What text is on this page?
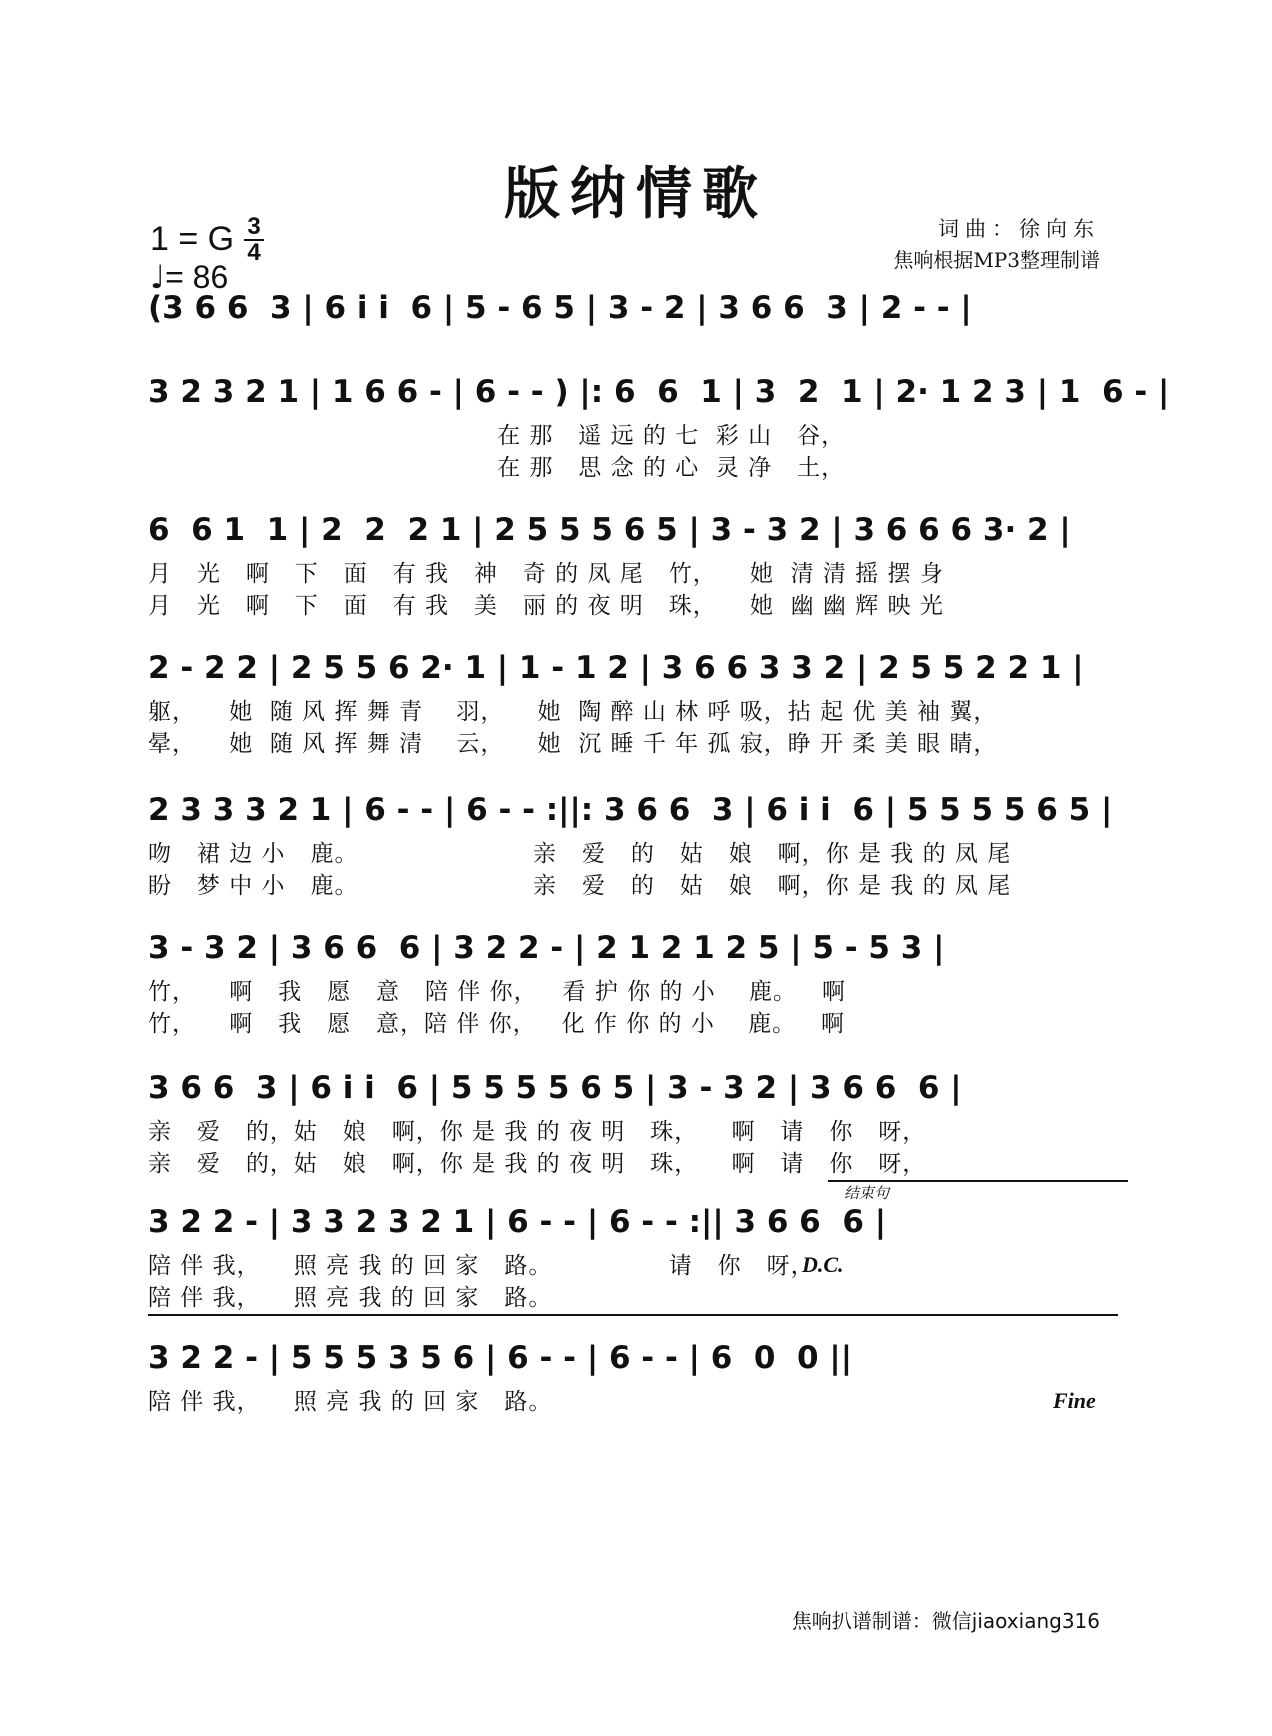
版纳情歌
1 = G 3
4
♩= 86
词曲：徐向东
焦响根据MP3整理制谱
(3 6 6  3 | 6 i i  6 | 5 - 6 5 | 3 - 2 | 3 6 6  3 | 2 - - |
3 2 3 2 1 | 1 6 6 - | 6 - - ) |: 6  6  1 | 3  2  1 | 2· 1 2 3 | 1  6 - |
在 那   遥 远 的 七  彩 山   谷，
在 那   思 念 的 心  灵 净   土，
6  6 1  1 | 2  2  2 1 | 2 5 5 5 6 5 | 3 - 3 2 | 3 6 6 6 3· 2 |
月   光   啊   下   面   有 我   神   奇 的 凤 尾   竹，    她  清 清 摇 摆 身
月   光   啊   下   面   有 我   美   丽 的 夜 明   珠，    她  幽 幽 辉 映 光
2 - 2 2 | 2 5 5 6 2· 1 | 1 - 1 2 | 3 6 6 3 3 2 | 2 5 5 2 2 1 |
躯，    她  随 风 挥 舞 青    羽，    她  陶 醉 山 林 呼 吸，拈 起 优 美 袖 翼，
晕，    她  随 风 挥 舞 清    云，    她  沉 睡 千 年 孤 寂，睁 开 柔 美 眼 睛，
2 3 3 3 2 1 | 6 - - | 6 - - :||: 3 6 6  3 | 6 i i  6 | 5 5 5 5 6 5 |
吻   裙 边 小   鹿。                     亲   爱   的   姑   娘   啊，你 是 我 的 凤 尾
盼   梦 中 小   鹿。                     亲   爱   的   姑   娘   啊，你 是 我 的 凤 尾
3 - 3 2 | 3 6 6  6 | 3 2 2 - | 2 1 2 1 2 5 | 5 - 5 3 |
竹，    啊   我   愿   意   陪 伴 你，   看 护 你 的 小    鹿。   啊
竹，    啊   我   愿   意，陪 伴 你，   化 作 你 的 小    鹿。   啊
3 6 6  3 | 6 i i  6 | 5 5 5 5 6 5 | 3 - 3 2 | 3 6 6  6 |
亲   爱   的，姑   娘   啊，你 是 我 的 夜 明   珠，    啊   请   你   呀，
亲   爱   的，姑   娘   啊，你 是 我 的 夜 明   珠，    啊   请   你   呀，
结束句
3 2 2 - | 3 3 2 3 2 1 | 6 - - | 6 - - :|| 3 6 6  6 |
陪 伴 我，    照 亮 我 的 回 家   路。              请   你   呀，
陪 伴 我，    照 亮 我 的 回 家   路。
D.C.
3 2 2 - | 5 5 5 3 5 6 | 6 - - | 6 - - | 6  0  0 ||
陪 伴 我，    照 亮 我 的 回 家   路。	Fine
焦响扒谱制谱：微信jiaoxiang316
